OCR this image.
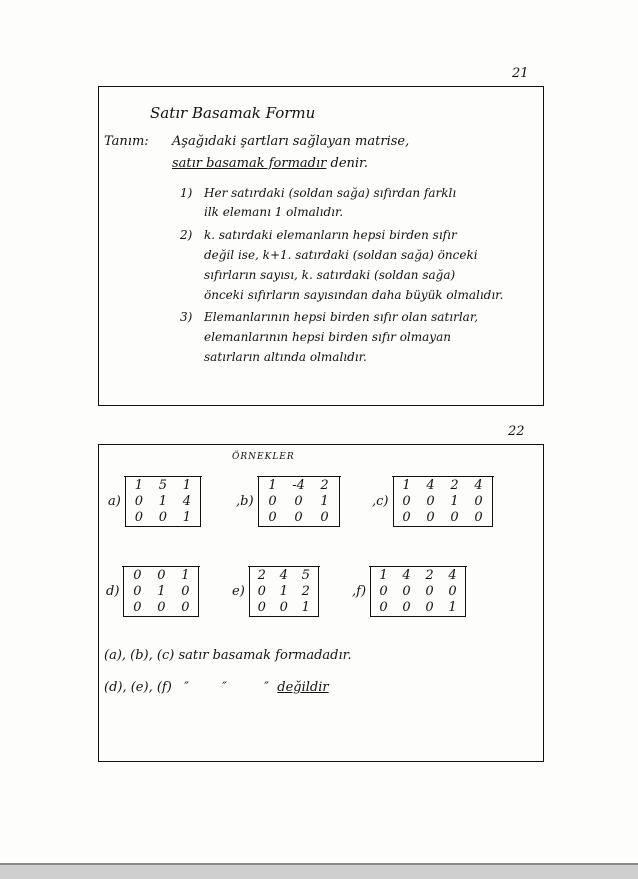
21
Satır Basamak Formu
Tanım: Aşağıdaki şartları sağlayan matrise,
satır basamak formadır denir.
1) Her satırdaki (soldan sağa) sıfırdan farklı
ilk elemanı 1 olmalıdır.
2) k. satırdaki elemanların hepsi birden sıfır
değil ise, k+1. satırdaki (soldan sağa) önceki
sıfırların sayısı, k. satırdaki (soldan sağa)
önceki sıfırların sayısından daha büyük olmalıdır.
3) Elemanlarının hepsi birden sıfır olan satırlar,
elemanlarının hepsi birden sıfır olmayan
satırların altında olmalıdır.
22
ÖRNEKLER
a)
1 5 1
0 1 4
0 0 1
,b)
1 -4 2
0 0 1
0 0 0
,c)
1 4 2 4
0 0 1 0
0 0 0 0
d)
0 0 1
0 1 0
0 0 0
e)
2 4 5
0 1 2
0 0 1
,f)
1 4 2 4
0 0 0 0
0 0 0 1
(a), (b), (c) satır basamak formadadır.
(d), (e), (f)   ″        ″         ″  değildir
